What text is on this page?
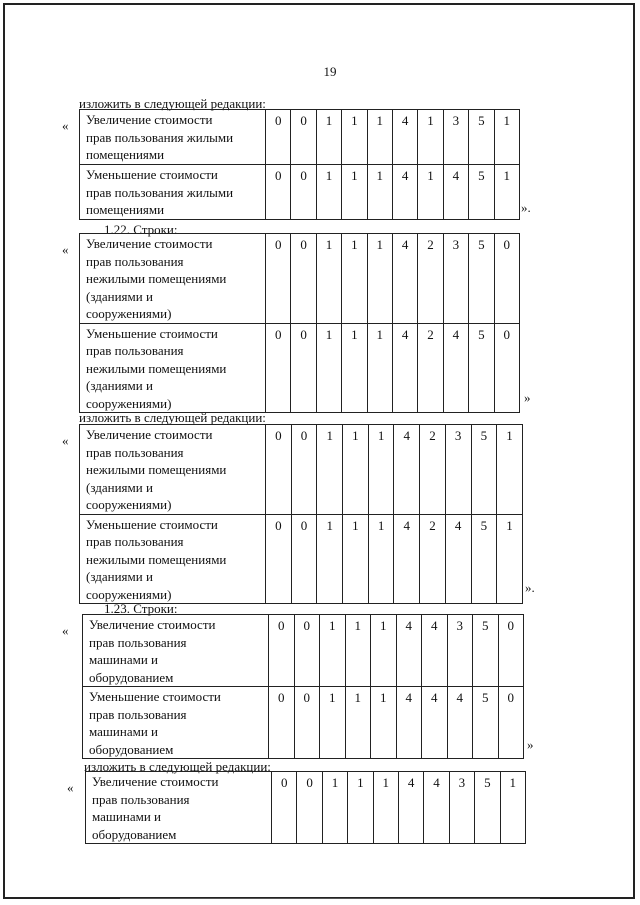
19
изложить в следующей редакции:
« Увеличение стоимости
прав пользования жилыми
помещениями	0	0	1	1	1	4	1	3	5	1

Уменьшение стоимости
прав пользования жилыми
помещениями	0	0	1	1	1	4	1	4	5	1
».
1.22. Строки:
« Увеличение стоимости
прав пользования
нежилыми помещениями
(зданиями и
сооружениями)	0	0	1	1	1	4	2	3	5	0

Уменьшение стоимости
прав пользования
нежилыми помещениями
(зданиями и
сооружениями)	0	0	1	1	1	4	2	4	5	0
»
изложить в следующей редакции:
« Увеличение стоимости
прав пользования
нежилыми помещениями
(зданиями и
сооружениями)	0	0	1	1	1	4	2	3	5	1

Уменьшение стоимости
прав пользования
нежилыми помещениями
(зданиями и
сооружениями)	0	0	1	1	1	4	2	4	5	1
».
1.23. Строки:
« Увеличение стоимости
прав пользования
машинами и
оборудованием	0	0	1	1	1	4	4	3	5	0

Уменьшение стоимости
прав пользования
машинами и
оборудованием	0	0	1	1	1	4	4	4	5	0
»
изложить в следующей редакции:
« Увеличение стоимости
прав пользования
машинами и
оборудованием
	0	0	1	1	1	4	4	3	5	1
